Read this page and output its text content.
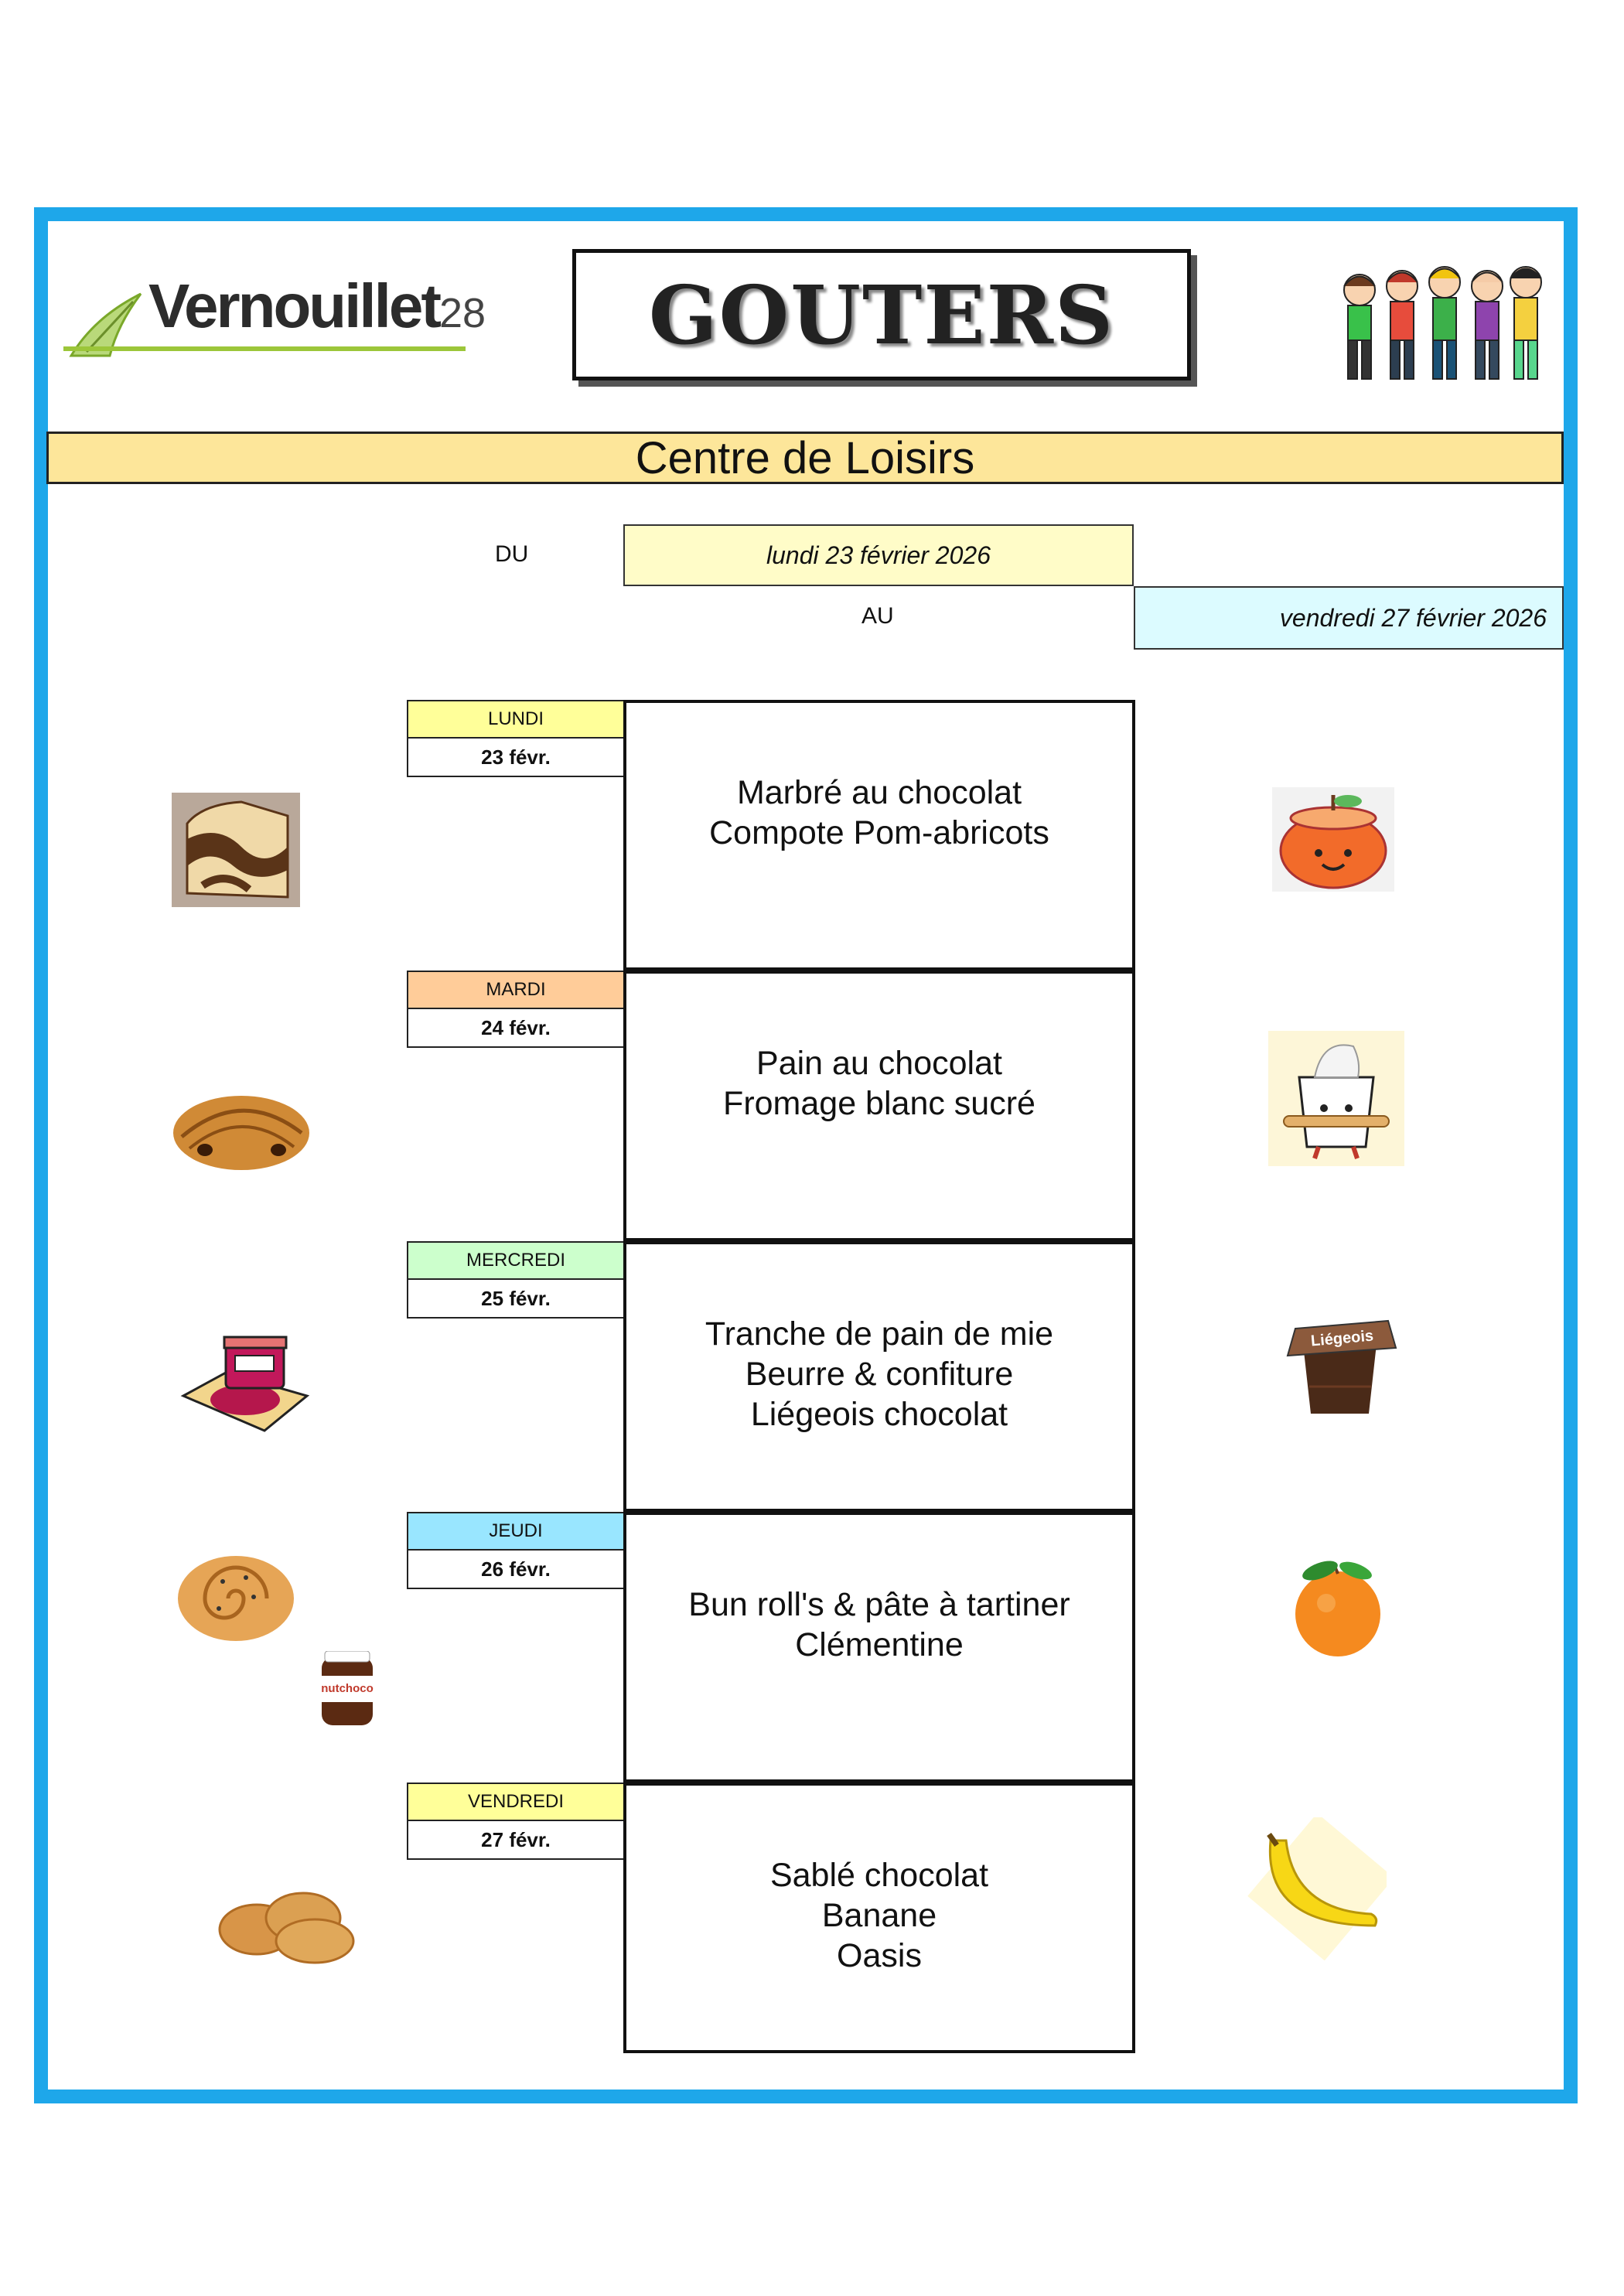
Vernouillet28 GOUTERS
Centre de Loisirs
DU	lundi 23 février 2026
AU	vendredi 27 février 2026
LUNDI
23 févr.
Marbré au chocolat
Compote Pom-abricots
MARDI
24 févr.
Pain au chocolat
Fromage blanc sucré
MERCREDI
25 févr.
Tranche de pain de mie
Beurre & confiture
Liégeois chocolat
JEUDI
26 févr.
Bun roll's & pâte à tartiner
Clémentine
VENDREDI
27 févr.
Sablé chocolat
Banane
Oasis
nutchoco
Liégeois
